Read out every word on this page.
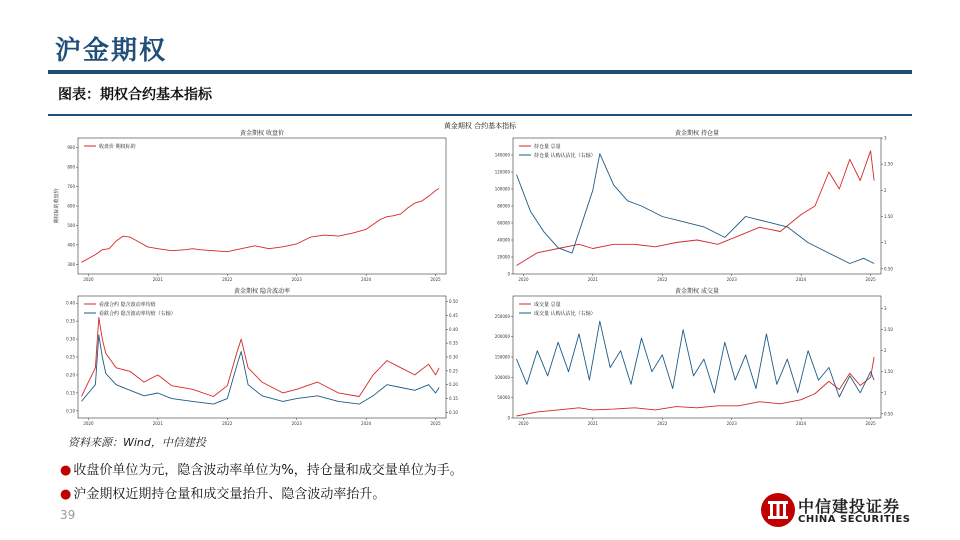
沪金期权
图表：期权合约基本指标
黄金期权 合约基本指标
黄金期权 收盘价
300
400
500
600
700
800
900
2020	2021	2022	2023	2024	2025
期权标的收盘价
收盘价 期权标的
黄金期权 持仓量
0
20000
40000
60000
80000
100000
120000
140000
0.50
1
1.50
2
2.50
3
2020	2021	2022	2023	2024	2025
持仓量 总量
持仓量 认购认沽比（右轴）
黄金期权 隐含波动率
0.10
0.15
0.20
0.25
0.30
0.35
0.40
0.10
0.15
0.20
0.25
0.30
0.35
0.40
0.45
0.50
2020	2021	2022	2023	2024	2025
看涨合约 隐含波动率均值
看跌合约 隐含波动率均值（右轴）
黄金期权 成交量
0
50000
100000
150000
200000
250000
0.50
1
1.50
2
2.50
3
2020	2021	2022	2023	2024	2025
成交量 总量
成交量 认购认沽比（右轴）
资料来源：Wind，中信建投
● 收盘价单位为元，隐含波动率单位为%，持仓量和成交量单位为手。
● 沪金期权近期持仓量和成交量抬升、隐含波动率抬升。
39	中信建投证券
CHINA SECURITIES
